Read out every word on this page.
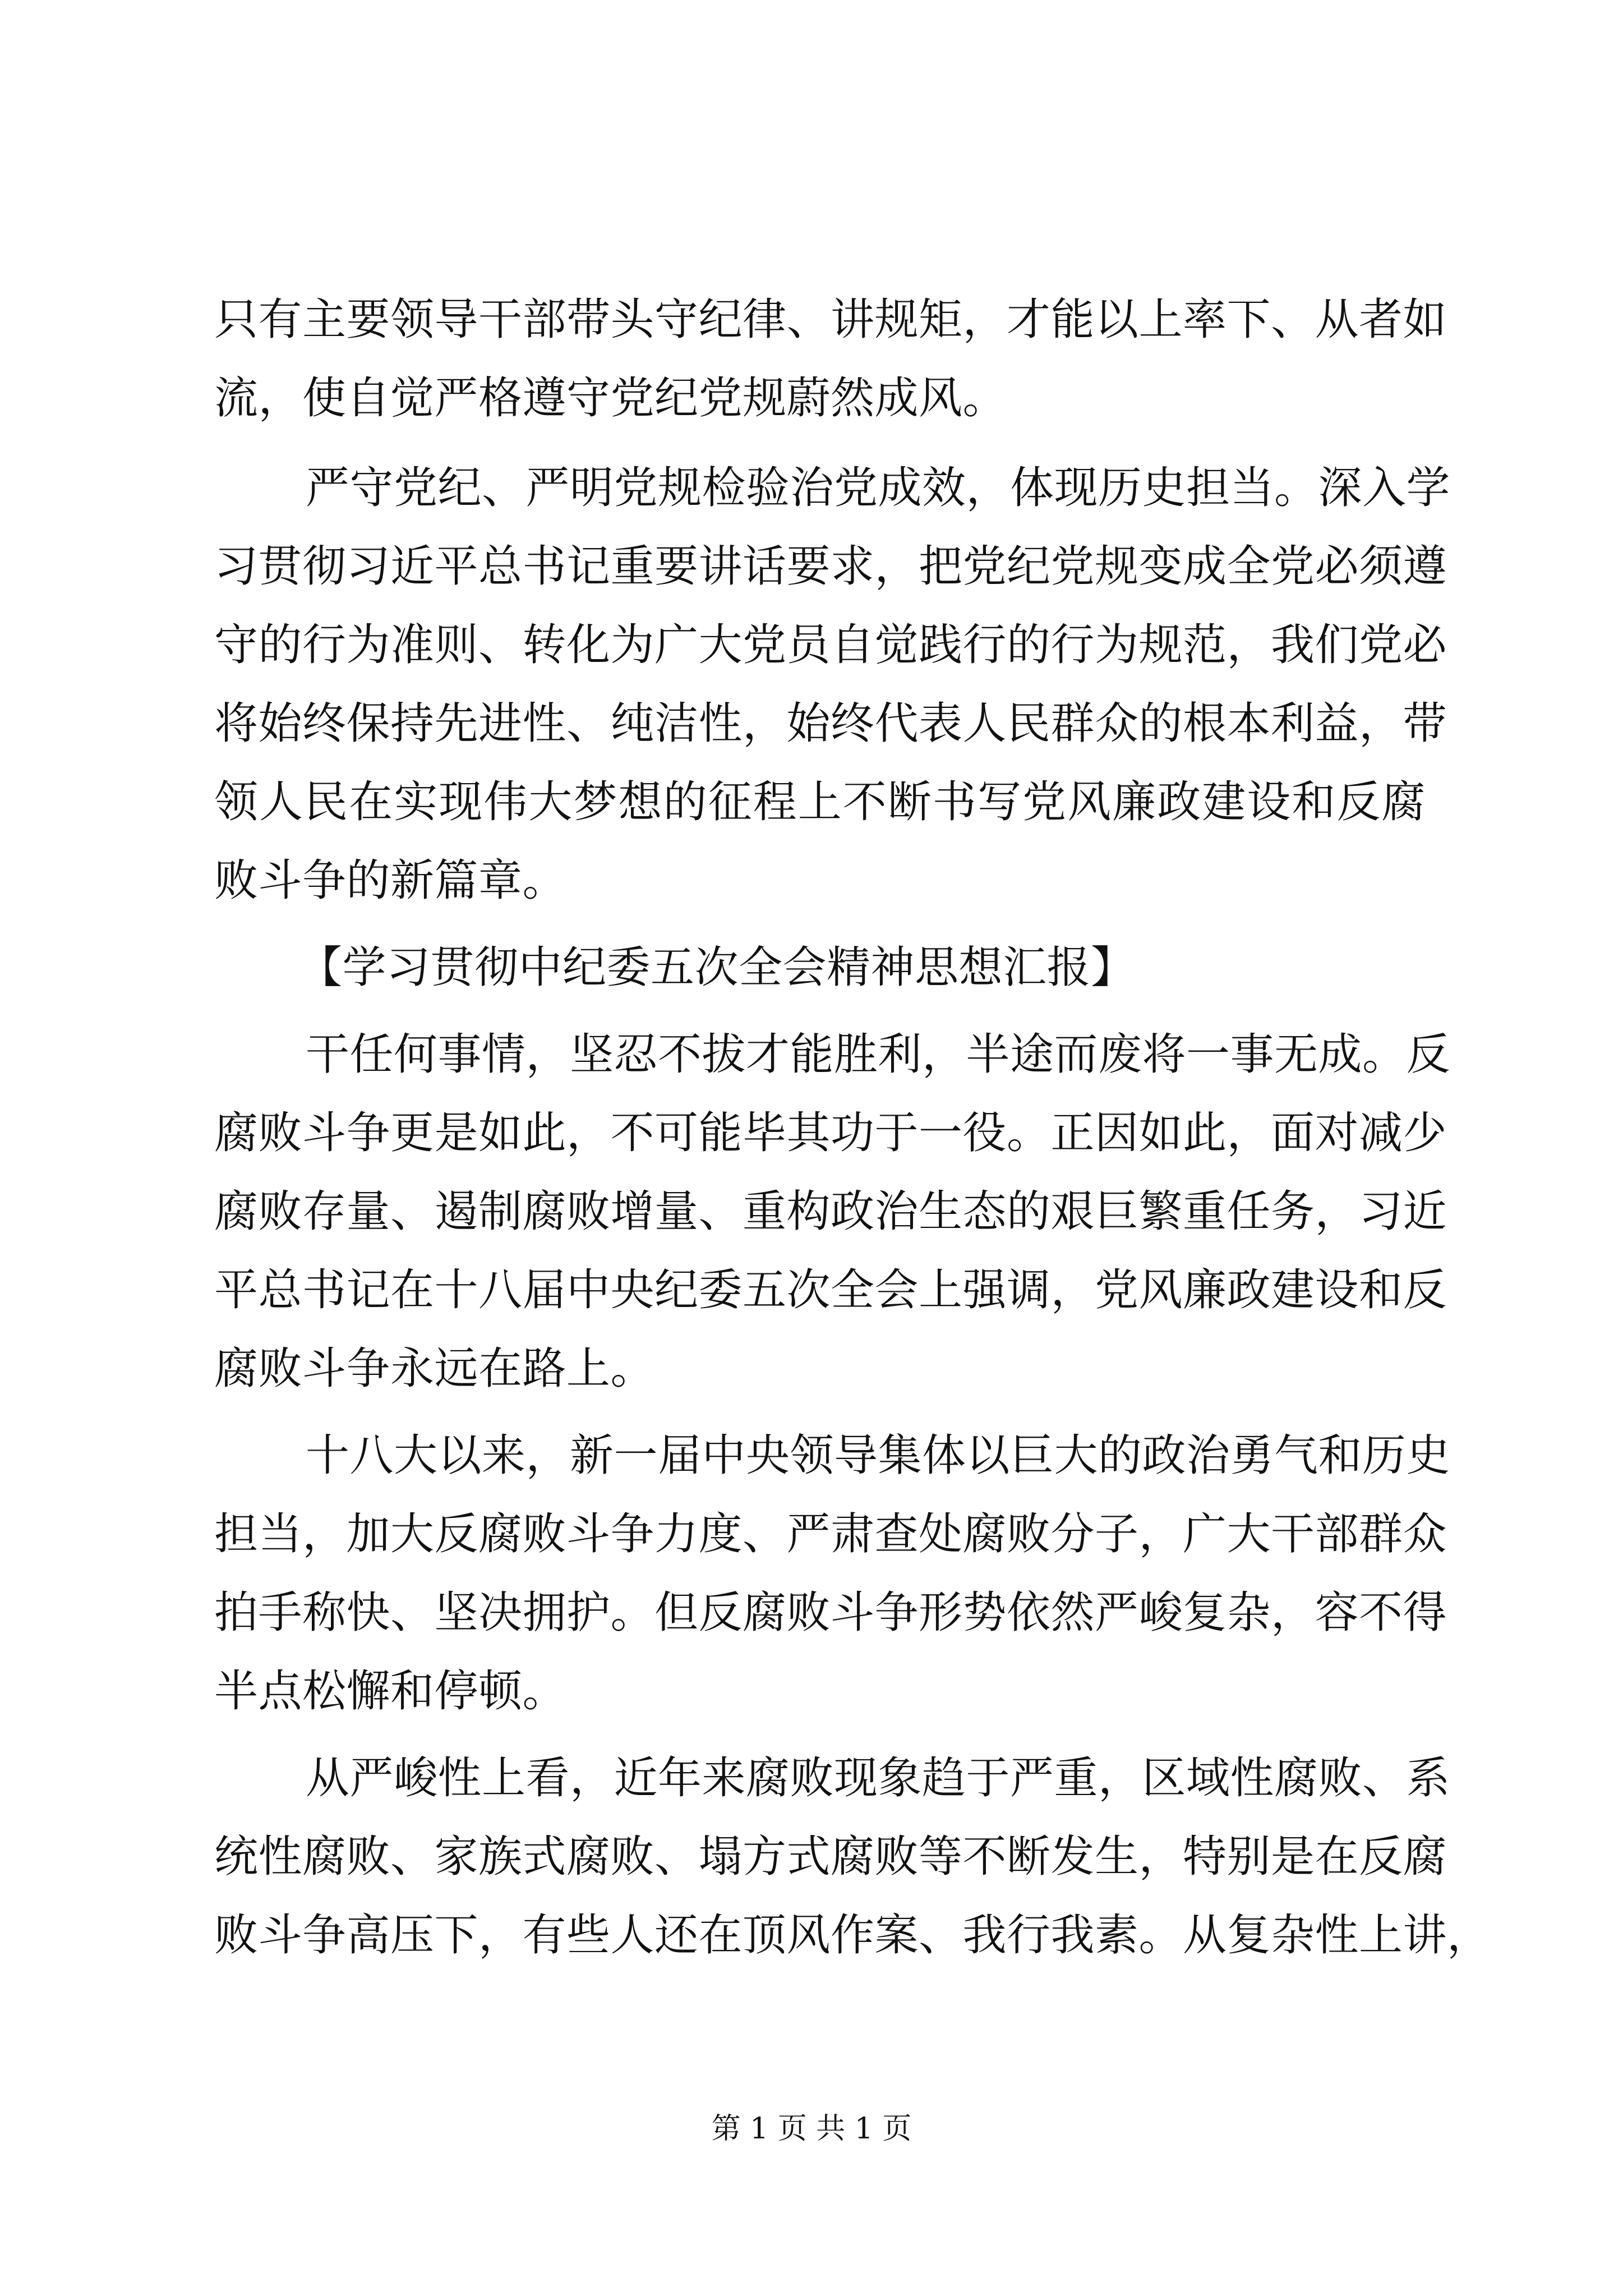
只有主要领导干部带头守纪律、讲规矩，才能以上率下、从者如
流，使自觉严格遵守党纪党规蔚然成风。
严守党纪、严明党规检验治党成效，体现历史担当。深入学
习贯彻习近平总书记重要讲话要求，把党纪党规变成全党必须遵
守的行为准则、转化为广大党员自觉践行的行为规范，我们党必
将始终保持先进性、纯洁性，始终代表人民群众的根本利益，带
领人民在实现伟大梦想的征程上不断书写党风廉政建设和反腐
败斗争的新篇章。
【学习贯彻中纪委五次全会精神思想汇报】
干任何事情，坚忍不拔才能胜利，半途而废将一事无成。反
腐败斗争更是如此，不可能毕其功于一役。正因如此，面对减少
腐败存量、遏制腐败增量、重构政治生态的艰巨繁重任务，习近
平总书记在十八届中央纪委五次全会上强调，党风廉政建设和反
腐败斗争永远在路上。
十八大以来，新一届中央领导集体以巨大的政治勇气和历史
担当，加大反腐败斗争力度、严肃查处腐败分子，广大干部群众
拍手称快、坚决拥护。但反腐败斗争形势依然严峻复杂，容不得
半点松懈和停顿。
从严峻性上看，近年来腐败现象趋于严重，区域性腐败、系
统性腐败、家族式腐败、塌方式腐败等不断发生，特别是在反腐
败斗争高压下，有些人还在顶风作案、我行我素。从复杂性上讲，
第 1 页 共 1 页
